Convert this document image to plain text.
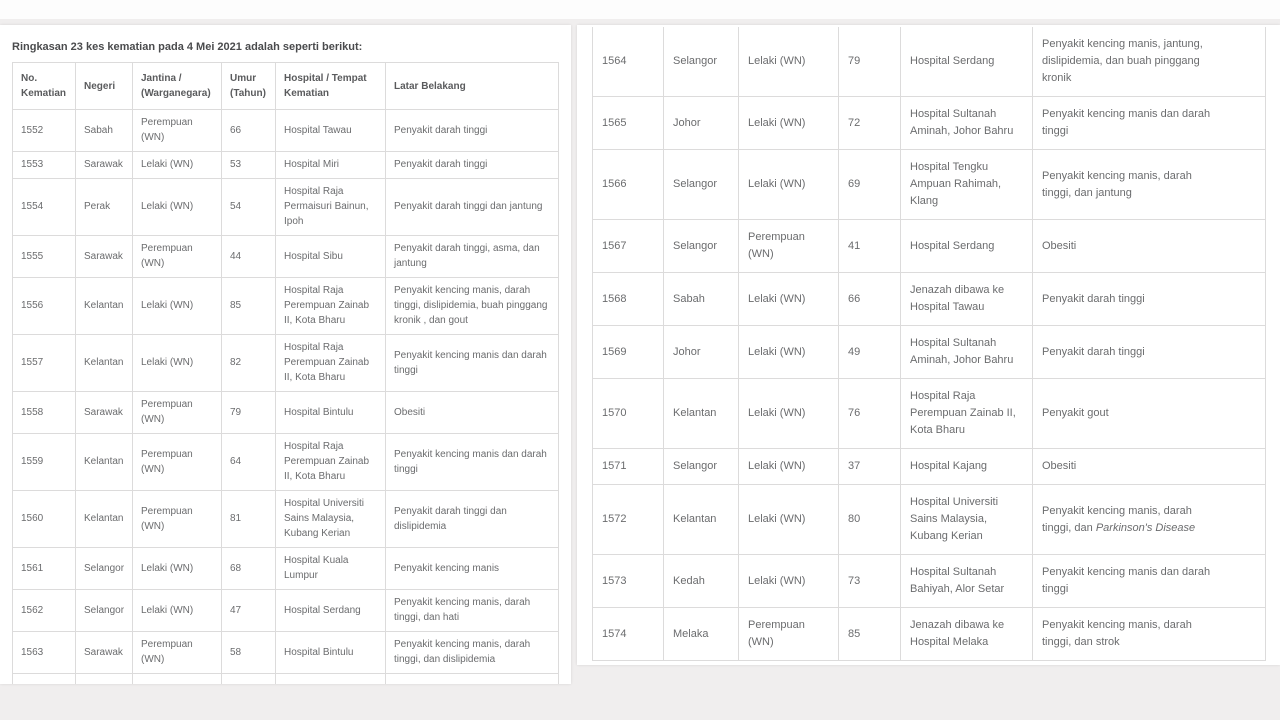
Ringkasan 23 kes kematian pada 4 Mei 2021 adalah seperti berikut:
No. Kematian	Negeri	Jantina / (Warganegara)	Umur (Tahun)	Hospital / Tempat Kematian	Latar Belakang
1552	Sabah	Perempuan (WN)	66	Hospital Tawau	Penyakit darah tinggi
1553	Sarawak	Lelaki (WN)	53	Hospital Miri	Penyakit darah tinggi
1554	Perak	Lelaki (WN)	54	Hospital Raja Permaisuri Bainun, Ipoh	Penyakit darah tinggi dan jantung
1555	Sarawak	Perempuan (WN)	44	Hospital Sibu	Penyakit darah tinggi, asma, dan jantung
1556	Kelantan	Lelaki (WN)	85	Hospital Raja Perempuan Zainab II, Kota Bharu	Penyakit kencing manis, darah tinggi, dislipidemia, buah pinggang kronik , dan gout
1557	Kelantan	Lelaki (WN)	82	Hospital Raja Perempuan Zainab II, Kota Bharu	Penyakit kencing manis dan darah tinggi
1558	Sarawak	Perempuan (WN)	79	Hospital Bintulu	Obesiti
1559	Kelantan	Perempuan (WN)	64	Hospital Raja Perempuan Zainab II, Kota Bharu	Penyakit kencing manis dan darah tinggi
1560	Kelantan	Perempuan (WN)	81	Hospital Universiti Sains Malaysia, Kubang Kerian	Penyakit darah tinggi dan dislipidemia
1561	Selangor	Lelaki (WN)	68	Hospital Kuala Lumpur	Penyakit kencing manis
1562	Selangor	Lelaki (WN)	47	Hospital Serdang	Penyakit kencing manis, darah tinggi, dan hati
1563	Sarawak	Perempuan (WN)	58	Hospital Bintulu	Penyakit kencing manis, darah tinggi, dan dislipidemia

1564	Selangor	Lelaki (WN)	79	Hospital Serdang	Penyakit kencing manis, jantung, dislipidemia, dan buah pinggang kronik
1565	Johor	Lelaki (WN)	72	Hospital Sultanah Aminah, Johor Bahru	Penyakit kencing manis dan darah tinggi
1566	Selangor	Lelaki (WN)	69	Hospital Tengku Ampuan Rahimah, Klang	Penyakit kencing manis, darah tinggi, dan jantung
1567	Selangor	Perempuan (WN)	41	Hospital Serdang	Obesiti
1568	Sabah	Lelaki (WN)	66	Jenazah dibawa ke Hospital Tawau	Penyakit darah tinggi
1569	Johor	Lelaki (WN)	49	Hospital Sultanah Aminah, Johor Bahru	Penyakit darah tinggi
1570	Kelantan	Lelaki (WN)	76	Hospital Raja Perempuan Zainab II, Kota Bharu	Penyakit gout
1571	Selangor	Lelaki (WN)	37	Hospital Kajang	Obesiti
1572	Kelantan	Lelaki (WN)	80	Hospital Universiti Sains Malaysia, Kubang Kerian	Penyakit kencing manis, darah tinggi, dan Parkinson's Disease
1573	Kedah	Lelaki (WN)	73	Hospital Sultanah Bahiyah, Alor Setar	Penyakit kencing manis dan darah tinggi
1574	Melaka	Perempuan (WN)	85	Jenazah dibawa ke Hospital Melaka	Penyakit kencing manis, darah tinggi, dan strok
